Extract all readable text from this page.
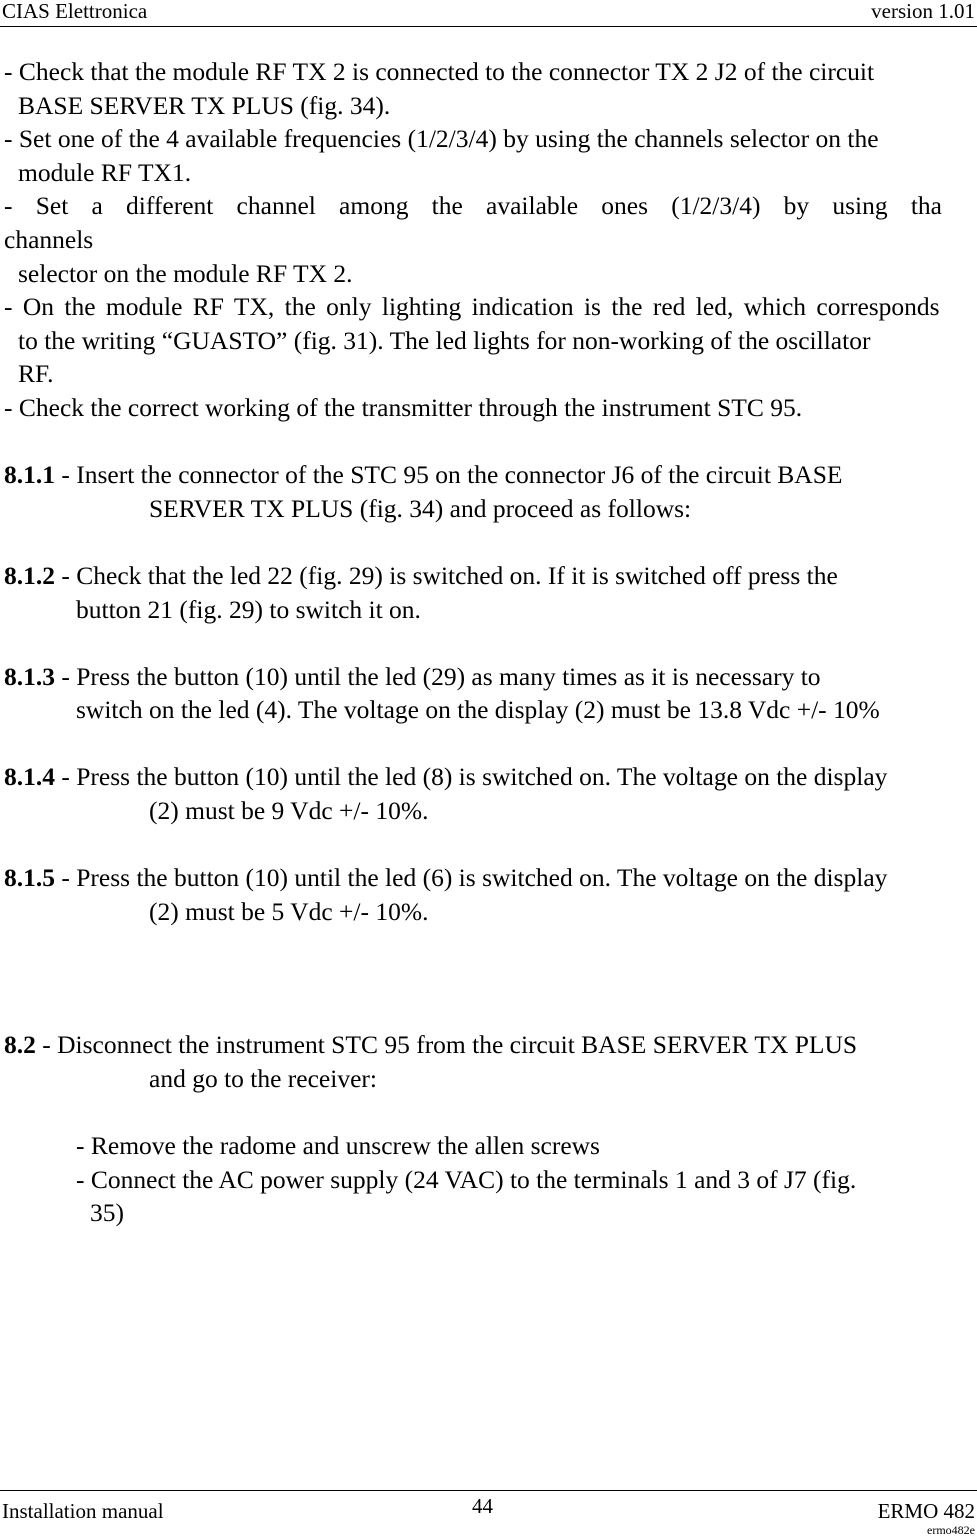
CIAS Elettronica	version 1.01

- Check that the module RF TX 2 is connected to the connector TX 2 J2 of the circuit

BASE SERVER TX PLUS (fig. 34).

- Set one of the 4 available frequencies (1/2/3/4) by using the channels selector on the

module RF TX1.

- Set a different channel among the available ones (1/2/3/4) by using tha channels

selector on the module RF TX 2.

- On the module RF TX, the only lighting indication is the red led, which corresponds

to the writing “GUASTO” (fig. 31). The led lights for non-working of the oscillator

RF.

- Check the correct working of the transmitter through the instrument STC 95.

8.1.1 - Insert the connector of the STC 95 on the connector J6 of the circuit BASE

SERVER TX PLUS (fig. 34) and proceed as follows:

8.1.2 - Check that the led 22 (fig. 29) is switched on. If it is switched off press the

button 21 (fig. 29) to switch it on.

8.1.3 - Press the button (10) until the led (29) as many times as it is necessary to

switch on the led (4). The voltage on the display (2) must be 13.8 Vdc +/- 10%

8.1.4 - Press the button (10) until the led (8) is switched on. The voltage on the display

(2) must be 9 Vdc +/- 10%.

8.1.5 - Press the button (10) until the led (6) is switched on. The voltage on the display

(2) must be 5 Vdc +/- 10%.

8.2 - Disconnect the instrument STC 95 from the circuit BASE SERVER TX PLUS

and go to the receiver:

- Remove the radome and unscrew the allen screws

- Connect the AC power supply (24 VAC) to the terminals 1 and 3 of J7 (fig.

35)

Installation manual	44	ERMO 482
ermo482e
